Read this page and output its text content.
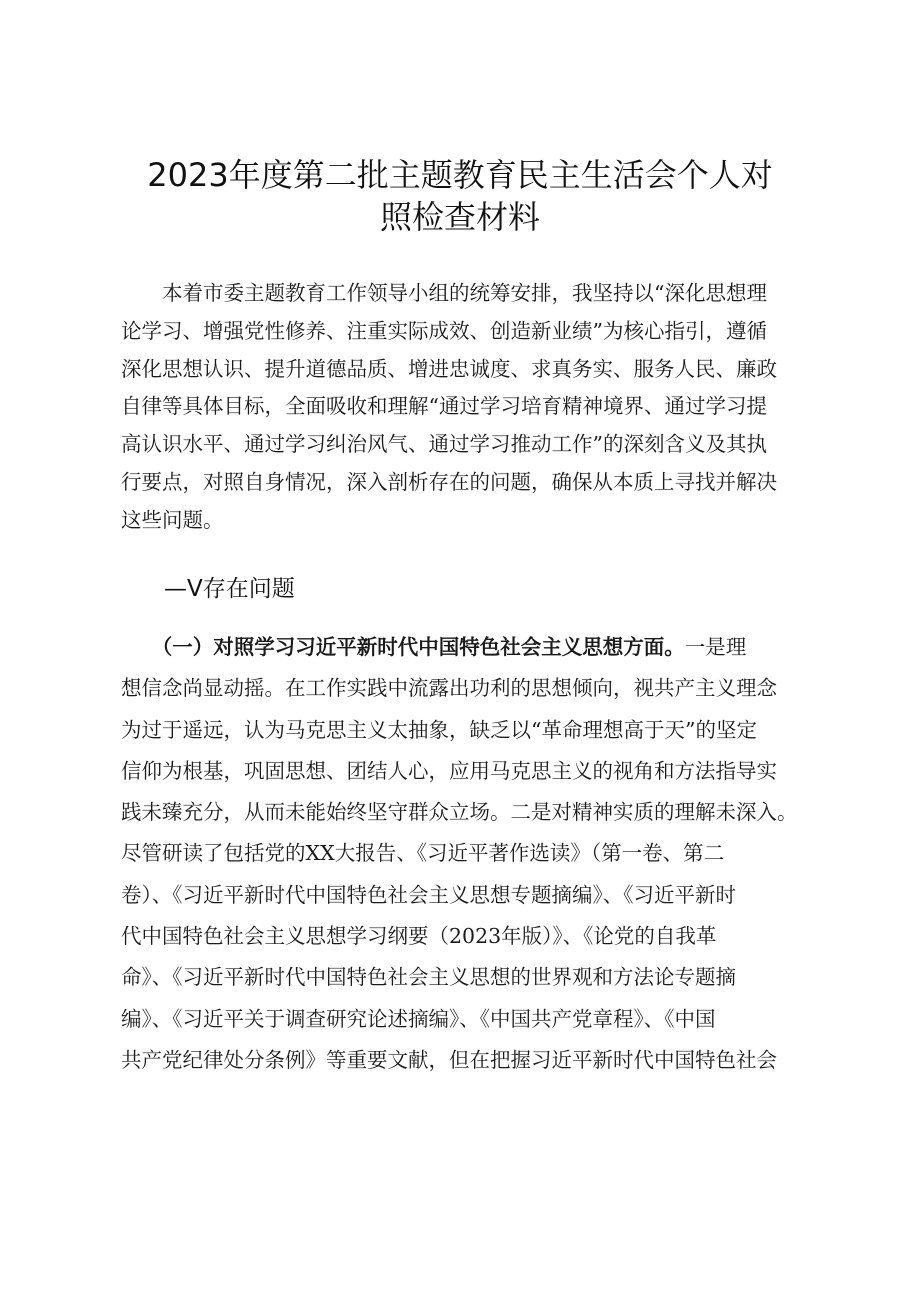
2023年度第二批主题教育民主生活会个人对
照检查材料
　　本着市委主题教育工作领导小组的统筹安排，我坚持以“深化思想理
论学习、增强党性修养、注重实际成效、创造新业绩”为核心指引，遵循
深化思想认识、提升道德品质、增进忠诚度、求真务实、服务人民、廉政
自律等具体目标，全面吸收和理解“通过学习培育精神境界、通过学习提
高认识水平、通过学习纠治风气、通过学习推动工作”的深刻含义及其执
行要点，对照自身情况，深入剖析存在的问题，确保从本质上寻找并解决
这些问题。
—V存在问题
　　（一）对照学习习近平新时代中国特色社会主义思想方面。一是理
想信念尚显动摇。在工作实践中流露出功利的思想倾向，视共产主义理念
为过于遥远，认为马克思主义太抽象，缺乏以“革命理想高于天”的坚定
信仰为根基，巩固思想、团结人心，应用马克思主义的视角和方法指导实
践未臻充分，从而未能始终坚守群众立场。二是对精神实质的理解未深入。
尽管研读了包括党的XX大报告、《习近平著作选读》（第一卷、第二
卷）、《习近平新时代中国特色社会主义思想专题摘编》、《习近平新时
代中国特色社会主义思想学习纲要（2023年版）》、《论党的自我革
命》、《习近平新时代中国特色社会主义思想的世界观和方法论专题摘
编》、《习近平关于调查研究论述摘编》、《中国共产党章程》、《中国
共产党纪律处分条例》等重要文献，但在把握习近平新时代中国特色社会
